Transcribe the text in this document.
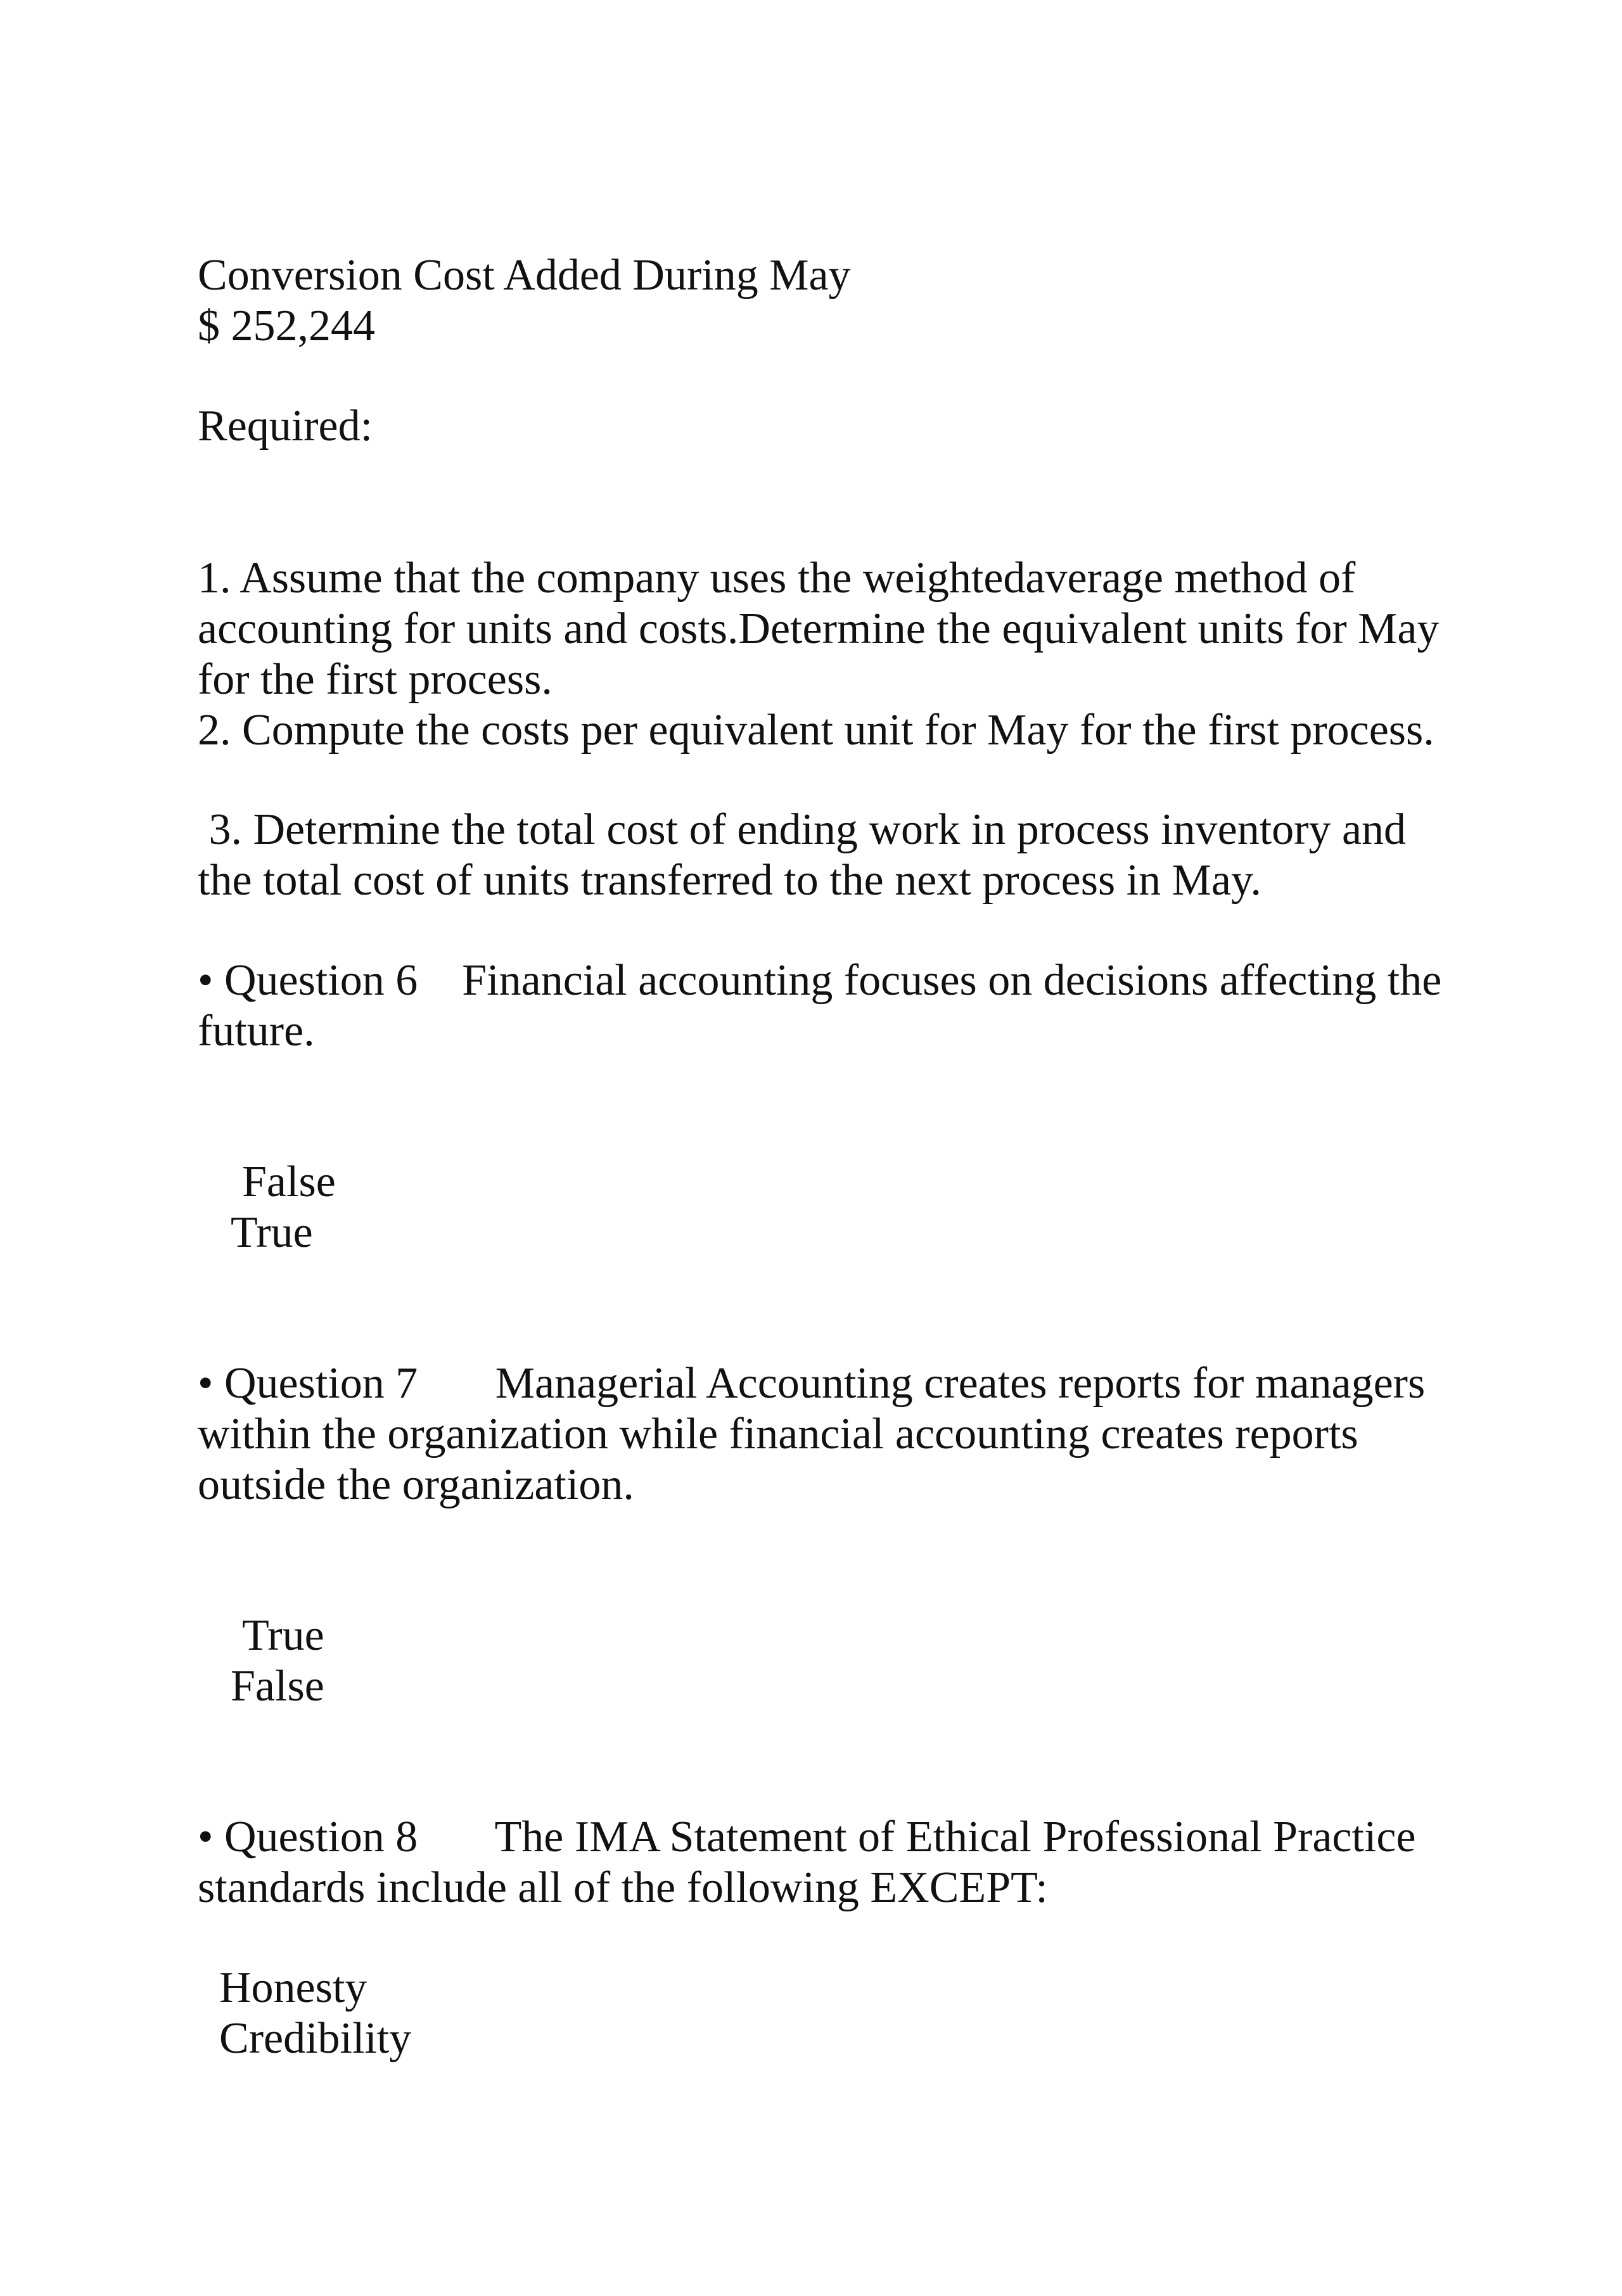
Conversion Cost Added During May
$ 252,244
Required:
1. Assume that the company uses the weightedaverage method of
accounting for units and costs.Determine the equivalent units for May
for the first process.
2. Compute the costs per equivalent unit for May for the first process.
3. Determine the total cost of ending work in process inventory and
the total cost of units transferred to the next process in May.
• Question 6    Financial accounting focuses on decisions affecting the
future.
False
True
• Question 7       Managerial Accounting creates reports for managers
within the organization while financial accounting creates reports
outside the organization.
True
False
• Question 8       The IMA Statement of Ethical Professional Practice
standards include all of the following EXCEPT:
Honesty
Credibility
